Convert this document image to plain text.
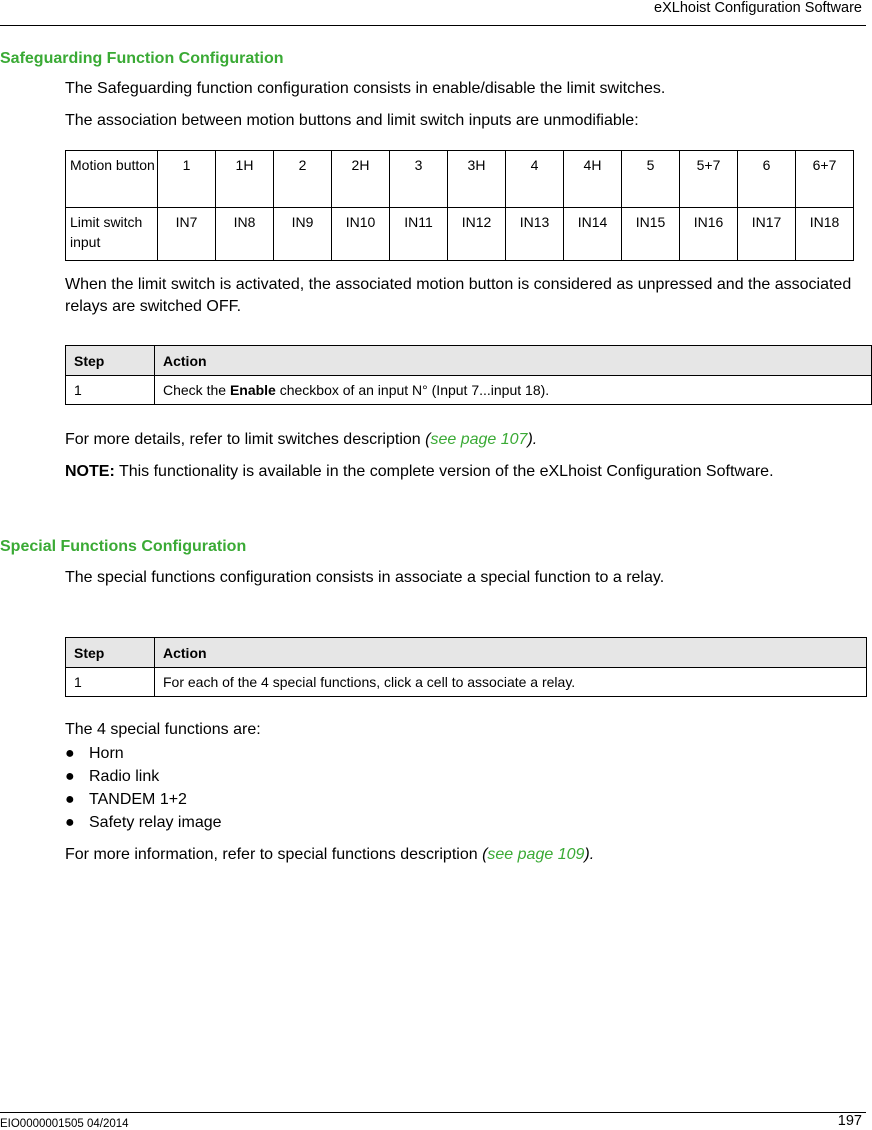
eXLhoist Configuration Software
Safeguarding Function Configuration
The Safeguarding function configuration consists in enable/disable the limit switches.
The association between motion buttons and limit switch inputs are unmodifiable:
Motion button	1	1H	2	2H	3	3H	4	4H	5	5+7	6	6+7
Limit switch input	IN7	IN8	IN9	IN10	IN11	IN12	IN13	IN14	IN15	IN16	IN17	IN18
When the limit switch is activated, the associated motion button is considered as unpressed and the associated relays are switched OFF.
Step	Action
1	Check the Enable checkbox of an input N° (Input 7...input 18).
For more details, refer to limit switches description (see page 107).
NOTE: This functionality is available in the complete version of the eXLhoist Configuration Software.
Special Functions Configuration
The special functions configuration consists in associate a special function to a relay.
Step	Action
1	For each of the 4 special functions, click a cell to associate a relay.
The 4 special functions are:
● Horn
● Radio link
● TANDEM 1+2
● Safety relay image
For more information, refer to special functions description (see page 109).
EIO0000001505 04/2014	197
